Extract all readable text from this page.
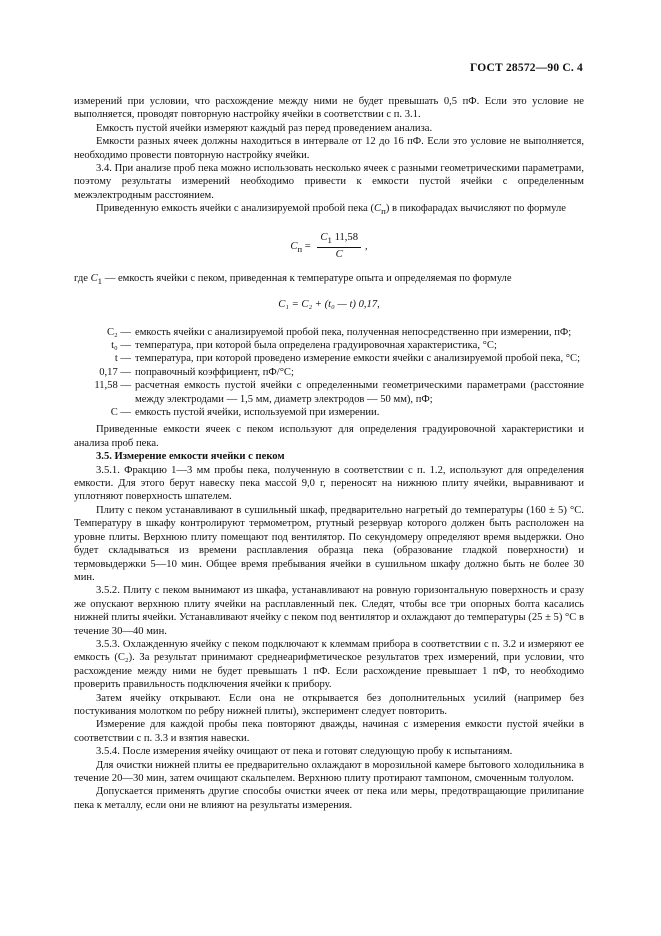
ГОСТ 28572—90 С. 4

измерений при условии, что расхождение между ними не будет превышать 0,5 пФ. Если это условие не выполняется, проводят повторную настройку ячейки в соответствии с п. 3.1.

Емкость пустой ячейки измеряют каждый раз перед проведением анализа.

Емкости разных ячеек должны находиться в интервале от 12 до 16 пФ. Если это условие не выполняется, необходимо провести повторную настройку ячейки.

3.4. При анализе проб пека можно использовать несколько ячеек с разными геометрическими параметрами, поэтому результаты измерений необходимо привести к емкости пустой ячейки с определенным межэлектродным расстоянием.

Приведенную емкость ячейки с анализируемой пробой пека $(C_п)$ в пикофарадах вычисляют по формуле

$C_п = \frac{C_1 11,58}{C}$ ,

где $C_1$ — емкость ячейки с пеком, приведенная к температуре опыта и определяемая по формуле

C₁ = C₂ + (t₀ — t) 0,17,
C₂ — емкость ячейки с анализируемой пробой пека, полученная непосредственно при измерении, пФ;
t₀ — температура, при которой была определена градуировочная характеристика, °C;
t — температура, при которой проведено измерение емкости ячейки с анализируемой пробой пека, °C;
0,17 — поправочный коэффициент, пФ/°C;
11,58 — расчетная емкость пустой ячейки с определенными геометрическими параметрами (расстояние между электродами — 1,5 мм, диаметр электродов — 50 мм), пФ;
C — емкость пустой ячейки, используемой при измерении.

Приведенные емкости ячеек с пеком используют для определения градуировочной характеристики и анализа проб пека.

3.5. Измерение емкости ячейки с пеком

3.5.1. Фракцию 1—3 мм пробы пека, полученную в соответствии с п. 1.2, используют для определения емкости. Для этого берут навеску пека массой 9,0 г, переносят на нижнюю плиту ячейки, выравнивают и уплотняют поверхность шпателем.

Плиту с пеком устанавливают в сушильный шкаф, предварительно нагретый до температуры (160 ± 5) °C. Температуру в шкафу контролируют термометром, ртутный резервуар которого должен быть расположен на уровне плиты. Верхнюю плиту помещают под вентилятор. По секундомеру определяют время выдержки. Оно будет складываться из времени расплавления образца пека (образование гладкой поверхности) и термовыдержки 5—10 мин. Общее время пребывания ячейки в сушильном шкафу должно быть не более 30 мин.

3.5.2. Плиту с пеком вынимают из шкафа, устанавливают на ровную горизонтальную поверхность и сразу же опускают верхнюю плиту ячейки на расплавленный пек. Следят, чтобы все три опорных болта касались нижней плиты ячейки. Устанавливают ячейку с пеком под вентилятор и охлаждают до температуры (25 ± 5) °C в течение 30—40 мин.

3.5.3. Охлажденную ячейку с пеком подключают к клеммам прибора в соответствии с п. 3.2 и измеряют ее емкость (C₂). За результат принимают среднеарифметическое результатов трех измерений, при условии, что расхождение между ними не будет превышать 1 пФ. Если расхождение превышает 1 пФ, то необходимо проверить правильность подключения ячейки к прибору.

Затем ячейку открывают. Если она не открывается без дополнительных усилий (например без постукивания молотком по ребру нижней плиты), эксперимент следует повторить.

Измерение для каждой пробы пека повторяют дважды, начиная с измерения емкости пустой ячейки в соответствии с п. 3.3 и взятия навески.

3.5.4. После измерения ячейку очищают от пека и готовят следующую пробу к испытаниям.

Для очистки нижней плиты ее предварительно охлаждают в морозильной камере бытового холодильника в течение 20—30 мин, затем очищают скальпелем. Верхнюю плиту протирают тампоном, смоченным толуолом.

Допускается применять другие способы очистки ячеек от пека или меры, предотвращающие прилипание пека к металлу, если они не влияют на результаты измерения.
